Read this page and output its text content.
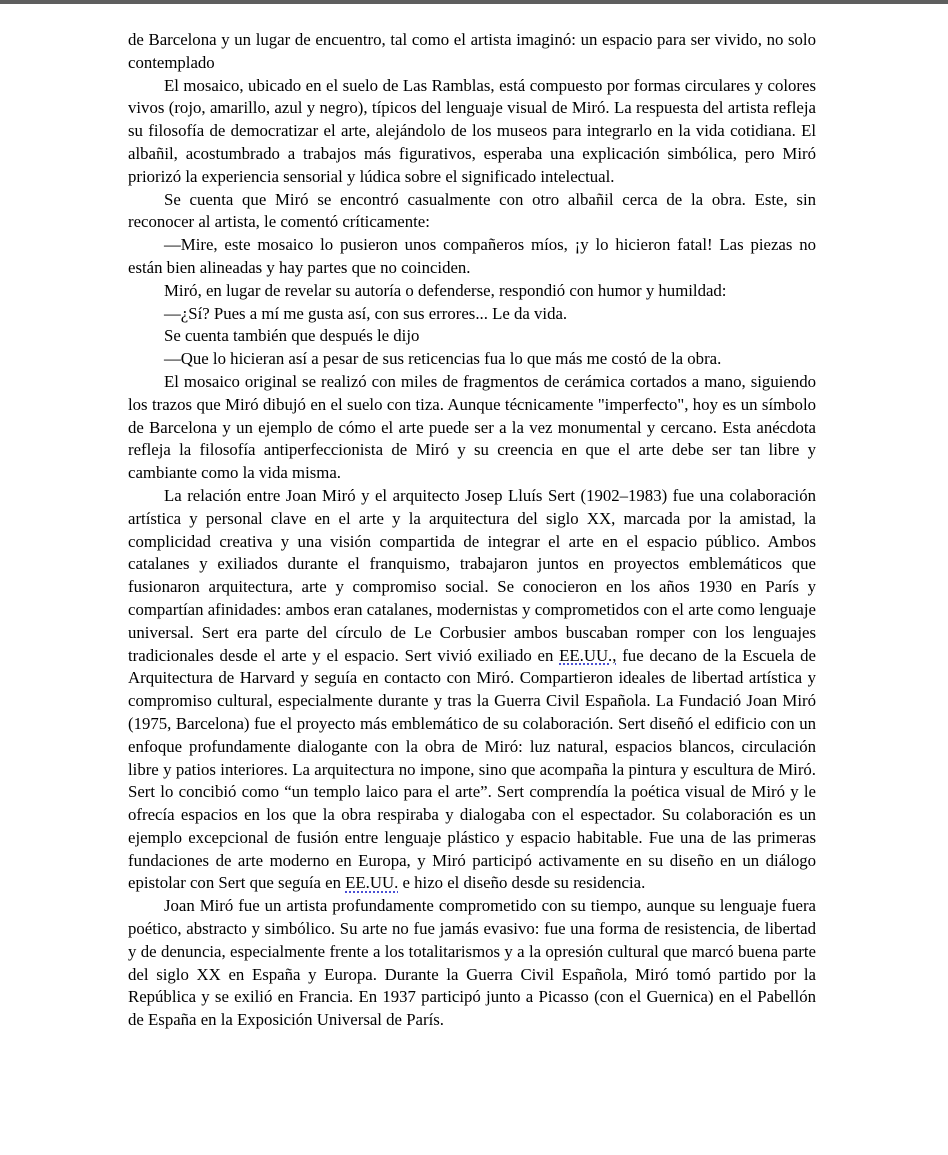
de Barcelona y un lugar de encuentro, tal como el artista imaginó: un espacio para ser vivido, no solo contemplado

El mosaico, ubicado en el suelo de Las Ramblas, está compuesto por formas circulares y colores vivos (rojo, amarillo, azul y negro), típicos del lenguaje visual de Miró. La respuesta del artista refleja su filosofía de democratizar el arte, alejándolo de los museos para integrarlo en la vida cotidiana. El albañil, acostumbrado a trabajos más figurativos, esperaba una explicación simbólica, pero Miró priorizó la experiencia sensorial y lúdica sobre el significado intelectual.

Se cuenta que Miró se encontró casualmente con otro albañil cerca de la obra. Este, sin reconocer al artista, le comentó críticamente:

—Mire, este mosaico lo pusieron unos compañeros míos, ¡y lo hicieron fatal! Las piezas no están bien alineadas y hay partes que no coinciden.

Miró, en lugar de revelar su autoría o defenderse, respondió con humor y humildad:

—¿Sí? Pues a mí me gusta así, con sus errores... Le da vida.

Se cuenta también que después le dijo

—Que lo hicieran así a pesar de sus reticencias fua lo que más me costó de la obra.

El mosaico original se realizó con miles de fragmentos de cerámica cortados a mano, siguiendo los trazos que Miró dibujó en el suelo con tiza. Aunque técnicamente "imperfecto", hoy es un símbolo de Barcelona y un ejemplo de cómo el arte puede ser a la vez monumental y cercano. Esta anécdota refleja la filosofía antiperfeccionista de Miró y su creencia en que el arte debe ser tan libre y cambiante como la vida misma.

La relación entre Joan Miró y el arquitecto Josep Lluís Sert (1902–1983) fue una colaboración artística y personal clave en el arte y la arquitectura del siglo XX, marcada por la amistad, la complicidad creativa y una visión compartida de integrar el arte en el espacio público. Ambos catalanes y exiliados durante el franquismo, trabajaron juntos en proyectos emblemáticos que fusionaron arquitectura, arte y compromiso social. Se conocieron en los años 1930 en París y compartían afinidades: ambos eran catalanes, modernistas y comprometidos con el arte como lenguaje universal. Sert era parte del círculo de Le Corbusier ambos buscaban romper con los lenguajes tradicionales desde el arte y el espacio. Sert vivió exiliado en EE.UU., fue decano de la Escuela de Arquitectura de Harvard y seguía en contacto con Miró. Compartieron ideales de libertad artística y compromiso cultural, especialmente durante y tras la Guerra Civil Española. La Fundació Joan Miró (1975, Barcelona) fue el proyecto más emblemático de su colaboración. Sert diseñó el edificio con un enfoque profundamente dialogante con la obra de Miró: luz natural, espacios blancos, circulación libre y patios interiores. La arquitectura no impone, sino que acompaña la pintura y escultura de Miró. Sert lo concibió como “un templo laico para el arte”. Sert comprendía la poética visual de Miró y le ofrecía espacios en los que la obra respiraba y dialogaba con el espectador. Su colaboración es un ejemplo excepcional de fusión entre lenguaje plástico y espacio habitable. Fue una de las primeras fundaciones de arte moderno en Europa, y Miró participó activamente en su diseño en un diálogo epistolar con Sert que seguía en EE.UU. e hizo el diseño desde su residencia.

Joan Miró fue un artista profundamente comprometido con su tiempo, aunque su lenguaje fuera poético, abstracto y simbólico. Su arte no fue jamás evasivo: fue una forma de resistencia, de libertad y de denuncia, especialmente frente a los totalitarismos y a la opresión cultural que marcó buena parte del siglo XX en España y Europa. Durante la Guerra Civil Española, Miró tomó partido por la República y se exilió en Francia. En 1937 participó junto a Picasso (con el Guernica) en el Pabellón de España en la Exposición Universal de París.
